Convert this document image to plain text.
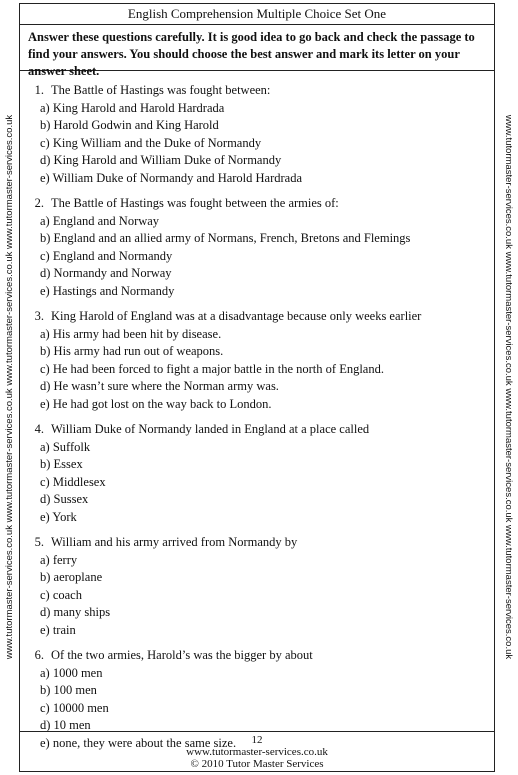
www.tutormaster-services.co.uk www.tutormaster-services.co.uk www.tutormaster-services.co.uk www.tutormaster-services.co.uk	www.tutormaster-services.co.uk www.tutormaster-services.co.uk www.tutormaster-services.co.uk www.tutormaster-services.co.uk
English Comprehension Multiple Choice Set One
Answer these questions carefully. It is good idea to go back and check the passage to find your answers. You should choose the best answer and mark its letter on your answer sheet.
1. The Battle of Hastings was fought between:
a) King Harold and Harold Hardrada
b) Harold Godwin and King Harold
c) King William and the Duke of Normandy
d) King Harold and William Duke of Normandy
e) William Duke of Normandy and Harold Hardrada
2. The Battle of Hastings was fought between the armies of:
a) England and Norway
b) England and an allied army of Normans, French, Bretons and Flemings
c) England and Normandy
d) Normandy and Norway
e) Hastings and Normandy
3. King Harold of England was at a disadvantage because only weeks earlier
a) His army had been hit by disease.
b) His army had run out of weapons.
c) He had been forced to fight a major battle in the north of England.
d) He wasn’t sure where the Norman army was.
e) He had got lost on the way back to London.
4. William Duke of Normandy landed in England at a place called
a) Suffolk
b) Essex
c) Middlesex
d) Sussex
e) York
5. William and his army arrived from Normandy by
a) ferry
b) aeroplane
c) coach
d) many ships
e) train
6. Of the two armies, Harold’s was the bigger by about
a) 1000 men
b) 100 men
c) 10000 men
d) 10 men
e) none, they were about the same size.	12
www.tutormaster-services.co.uk
© 2010 Tutor Master Services
